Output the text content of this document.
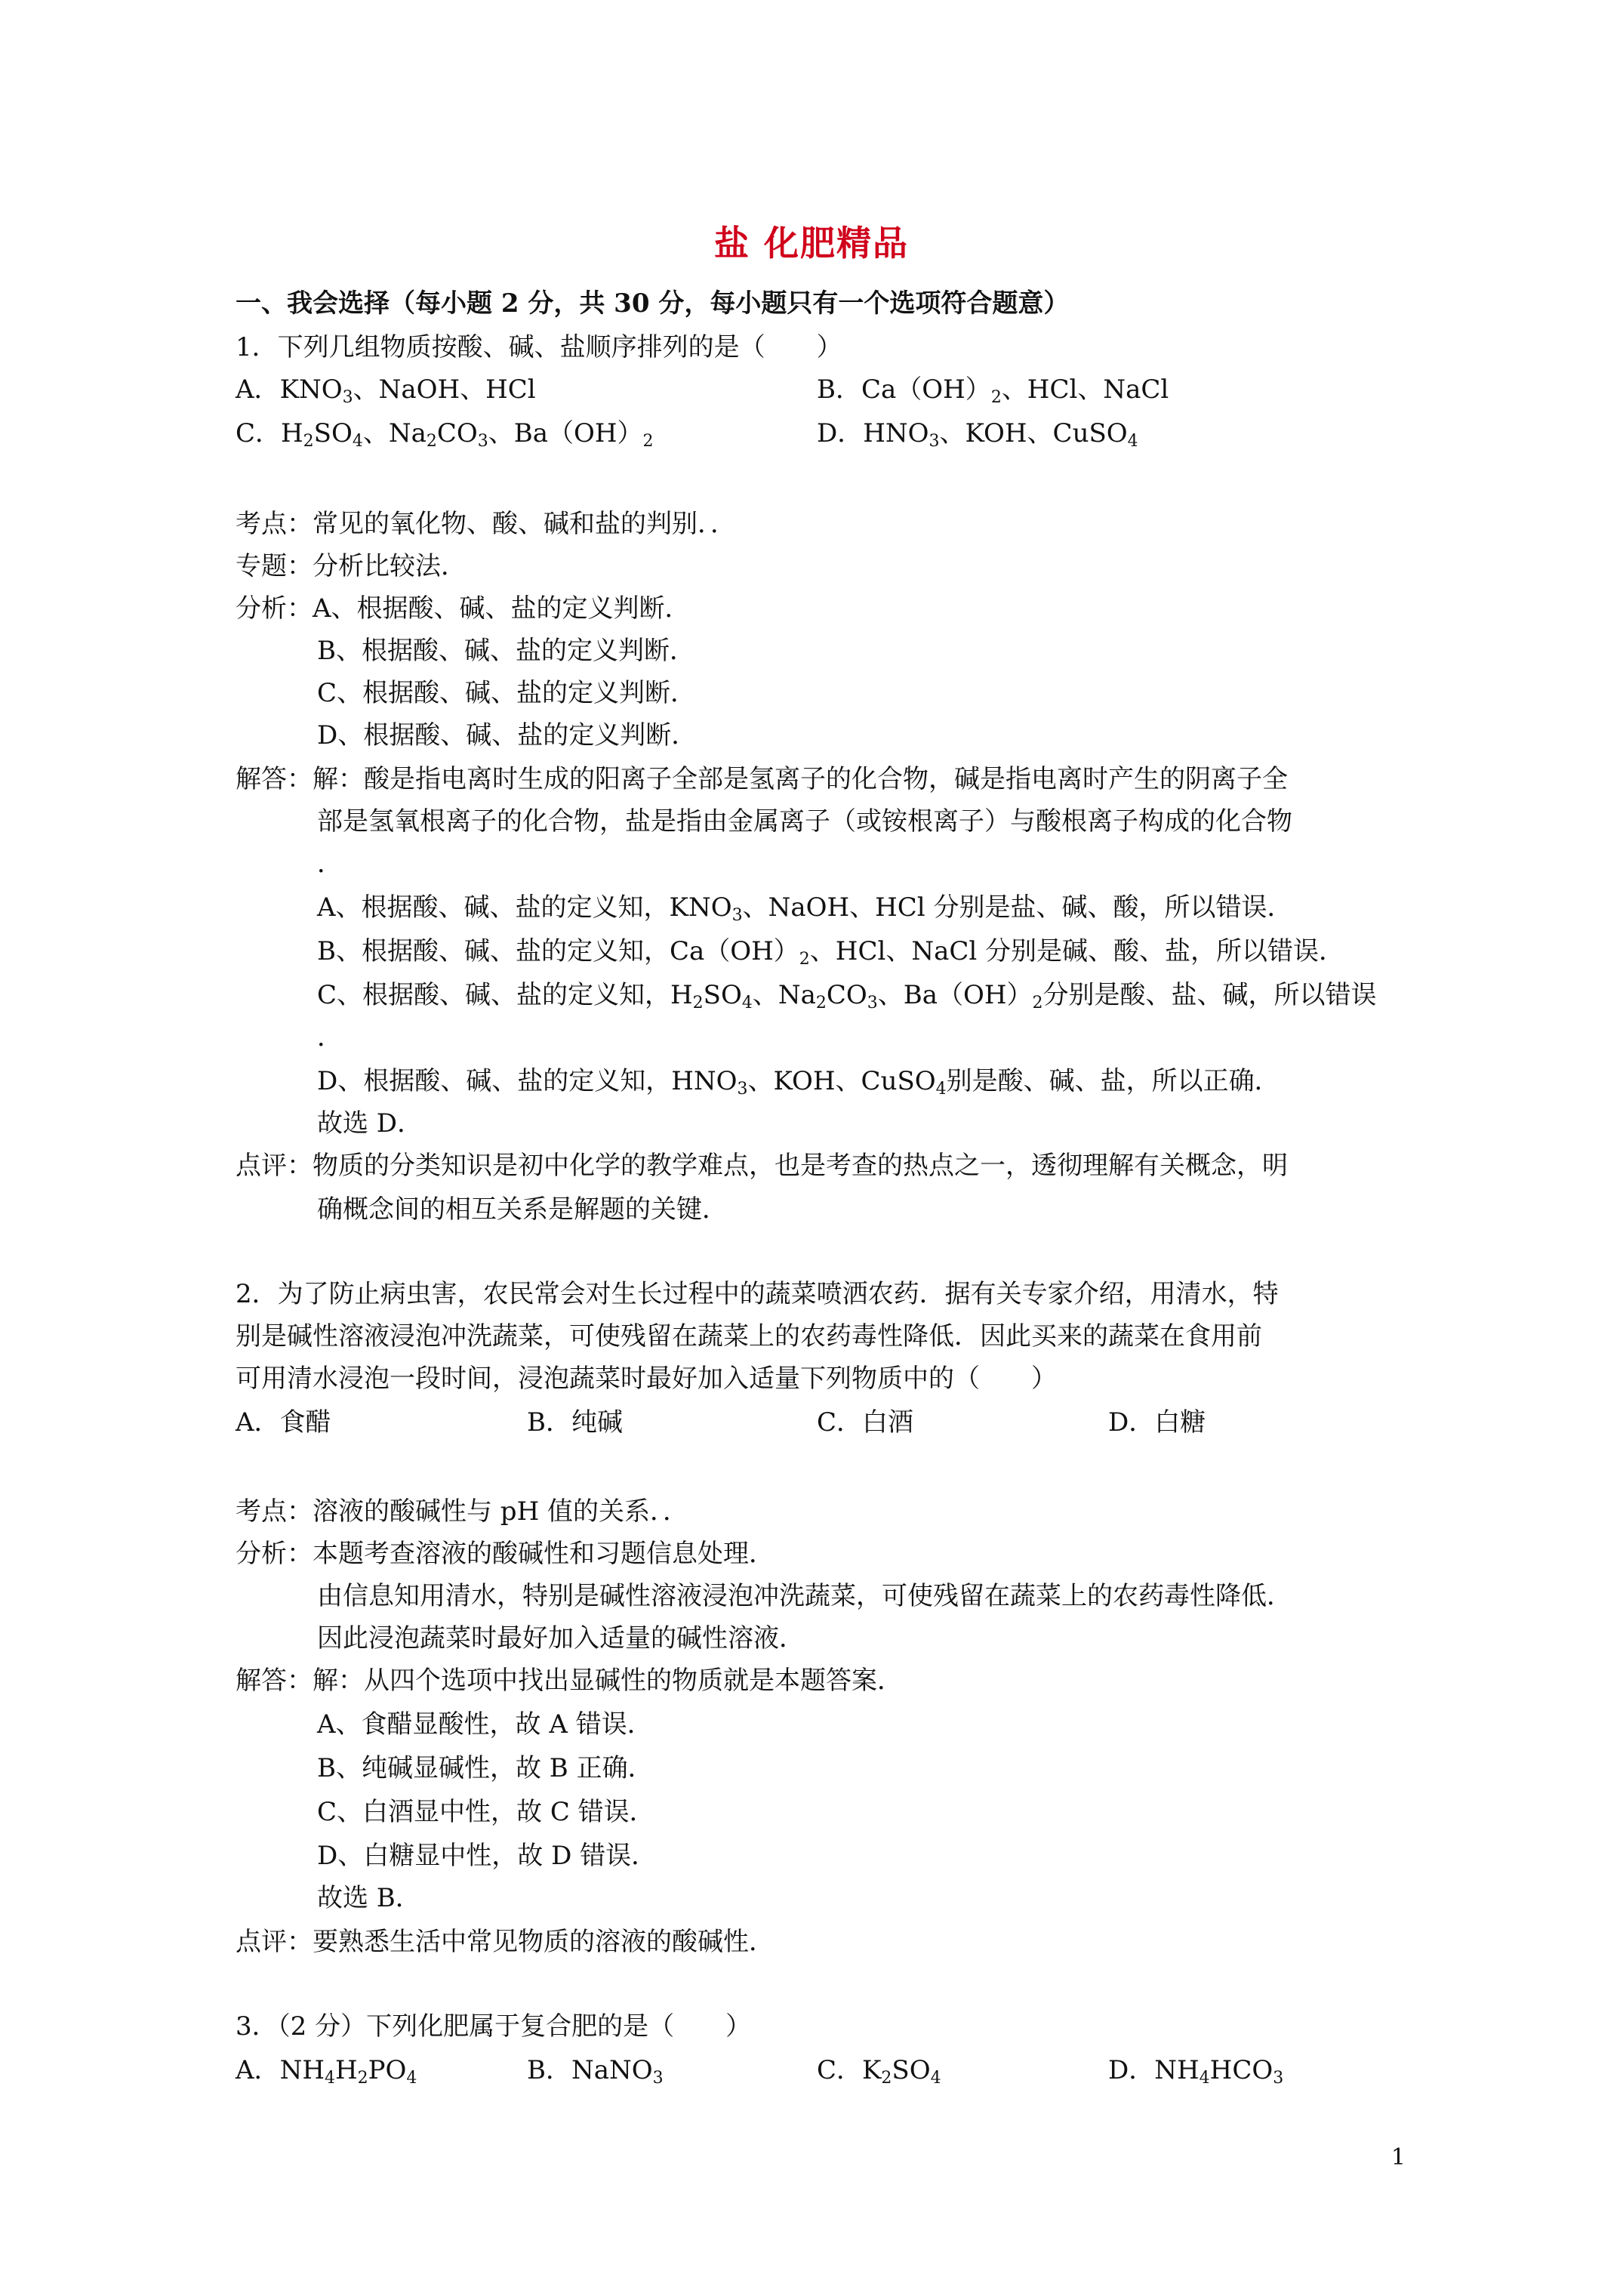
盐 化肥精品
一、我会选择（每小题 2 分，共 30 分，每小题只有一个选项符合题意）
1．下列几组物质按酸、碱、盐顺序排列的是（　　）
A．$KNO_3$、NaOH、HCl	B．$Ca(OH)_2$、HCl、NaCl
C．$H_2SO_4$、$Na_2CO_3$、$Ba(OH)_2$	D．$HNO_3$、KOH、CuSO$_4$
考点：常见的氧化物、酸、碱和盐的判别．．
专题：分析比较法．
分析：A、根据酸、碱、盐的定义判断．
B、根据酸、碱、盐的定义判断．
C、根据酸、碱、盐的定义判断．
D、根据酸、碱、盐的定义判断．
解答：解：酸是指电离时生成的阳离子全部是氢离子的化合物，碱是指电离时产生的阴离子全
部是氢氧根离子的化合物，盐是指由金属离子（或铵根离子）与酸根离子构成的化合物
．
A、根据酸、碱、盐的定义知，$KNO_3$、NaOH、HCl 分别是盐、碱、酸，所以错误．
B、根据酸、碱、盐的定义知，$Ca(OH)_2$、HCl、NaCl 分别是碱、酸、盐，所以错误．
C、根据酸、碱、盐的定义知，$H_2SO_4$、$Na_2CO_3$、$Ba(OH)_2$分别是酸、盐、碱，所以错误
．
D、根据酸、碱、盐的定义知，$HNO_3$、KOH、CuSO$_4$别是酸、碱、盐，所以正确．
故选 D．
点评：物质的分类知识是初中化学的教学难点，也是考查的热点之一，透彻理解有关概念，明
确概念间的相互关系是解题的关键．
2．为了防止病虫害，农民常会对生长过程中的蔬菜喷洒农药．据有关专家介绍，用清水，特
别是碱性溶液浸泡冲洗蔬菜，可使残留在蔬菜上的农药毒性降低．因此买来的蔬菜在食用前
可用清水浸泡一段时间，浸泡蔬菜时最好加入适量下列物质中的（　　）
A．食醋	B．纯碱	C．白酒	D．白糖
考点：溶液的酸碱性与 pH 值的关系．．
分析：本题考查溶液的酸碱性和习题信息处理．
由信息知用清水，特别是碱性溶液浸泡冲洗蔬菜，可使残留在蔬菜上的农药毒性降低．
因此浸泡蔬菜时最好加入适量的碱性溶液．
解答：解：从四个选项中找出显碱性的物质就是本题答案．
A、食醋显酸性，故 A 错误．
B、纯碱显碱性，故 B 正确．
C、白酒显中性，故 C 错误．
D、白糖显中性，故 D 错误．
故选 B．
点评：要熟悉生活中常见物质的溶液的酸碱性．
3．（2 分）下列化肥属于复合肥的是（　　）
A．$NH_4H_2PO_4$	B．NaNO$_3$	C．$K_2SO_4$	D．$NH_4HCO_3$
1
